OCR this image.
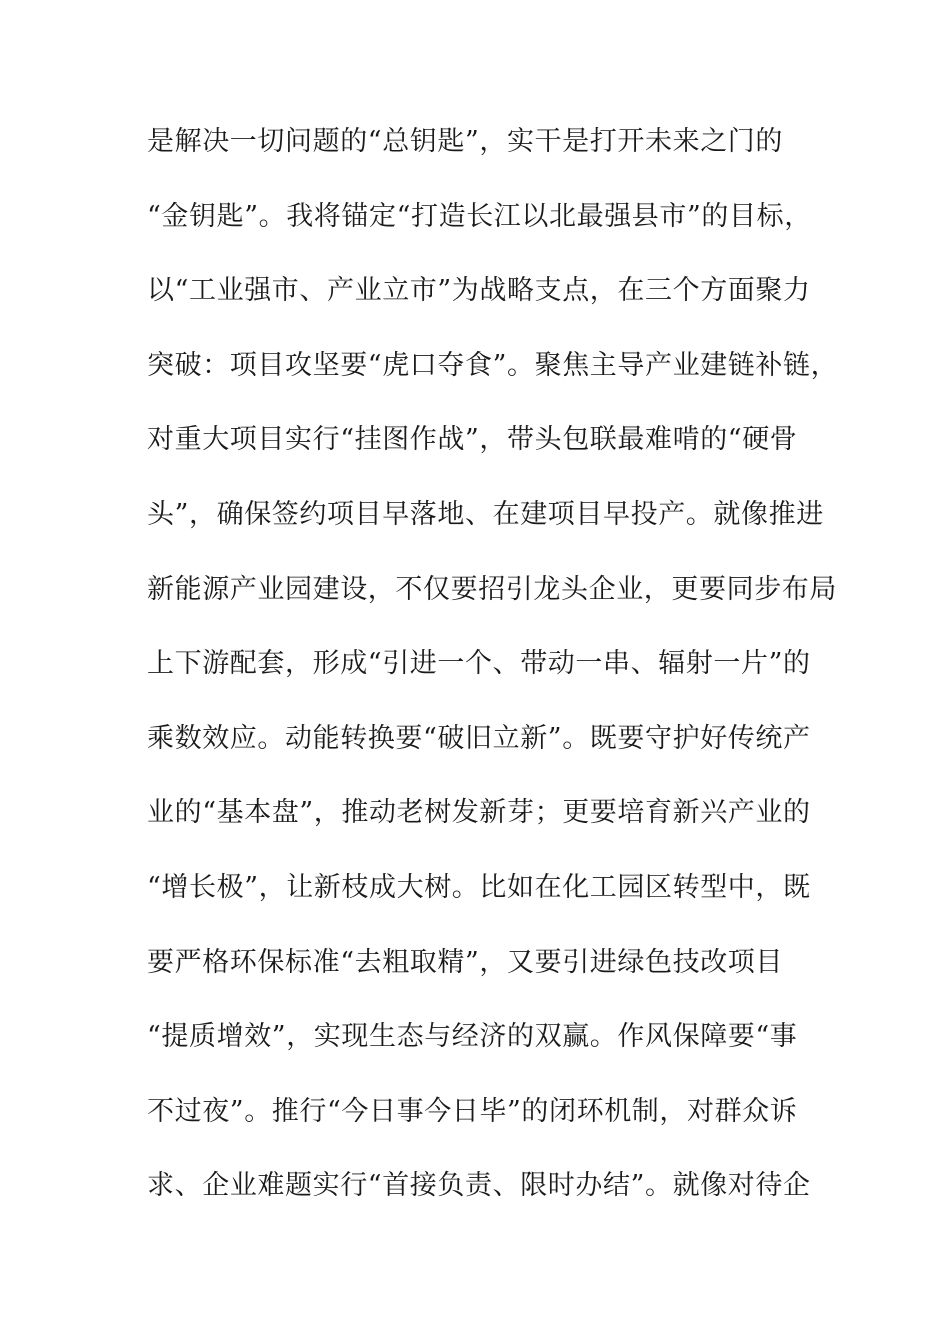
是解决一切问题的“总钥匙”，实干是打开未来之门的
“金钥匙”。我将锚定“打造长江以北最强县市”的目标，
以“工业强市、产业立市”为战略支点，在三个方面聚力
突破：项目攻坚要“虎口夺食”。聚焦主导产业建链补链，
对重大项目实行“挂图作战”，带头包联最难啃的“硬骨
头”，确保签约项目早落地、在建项目早投产。就像推进
新能源产业园建设，不仅要招引龙头企业，更要同步布局
上下游配套，形成“引进一个、带动一串、辐射一片”的
乘数效应。动能转换要“破旧立新”。既要守护好传统产
业的“基本盘”，推动老树发新芽；更要培育新兴产业的
“增长极”，让新枝成大树。比如在化工园区转型中，既
要严格环保标准“去粗取精”，又要引进绿色技改项目
“提质增效”，实现生态与经济的双赢。作风保障要“事
不过夜”。推行“今日事今日毕”的闭环机制，对群众诉
求、企业难题实行“首接负责、限时办结”。就像对待企
